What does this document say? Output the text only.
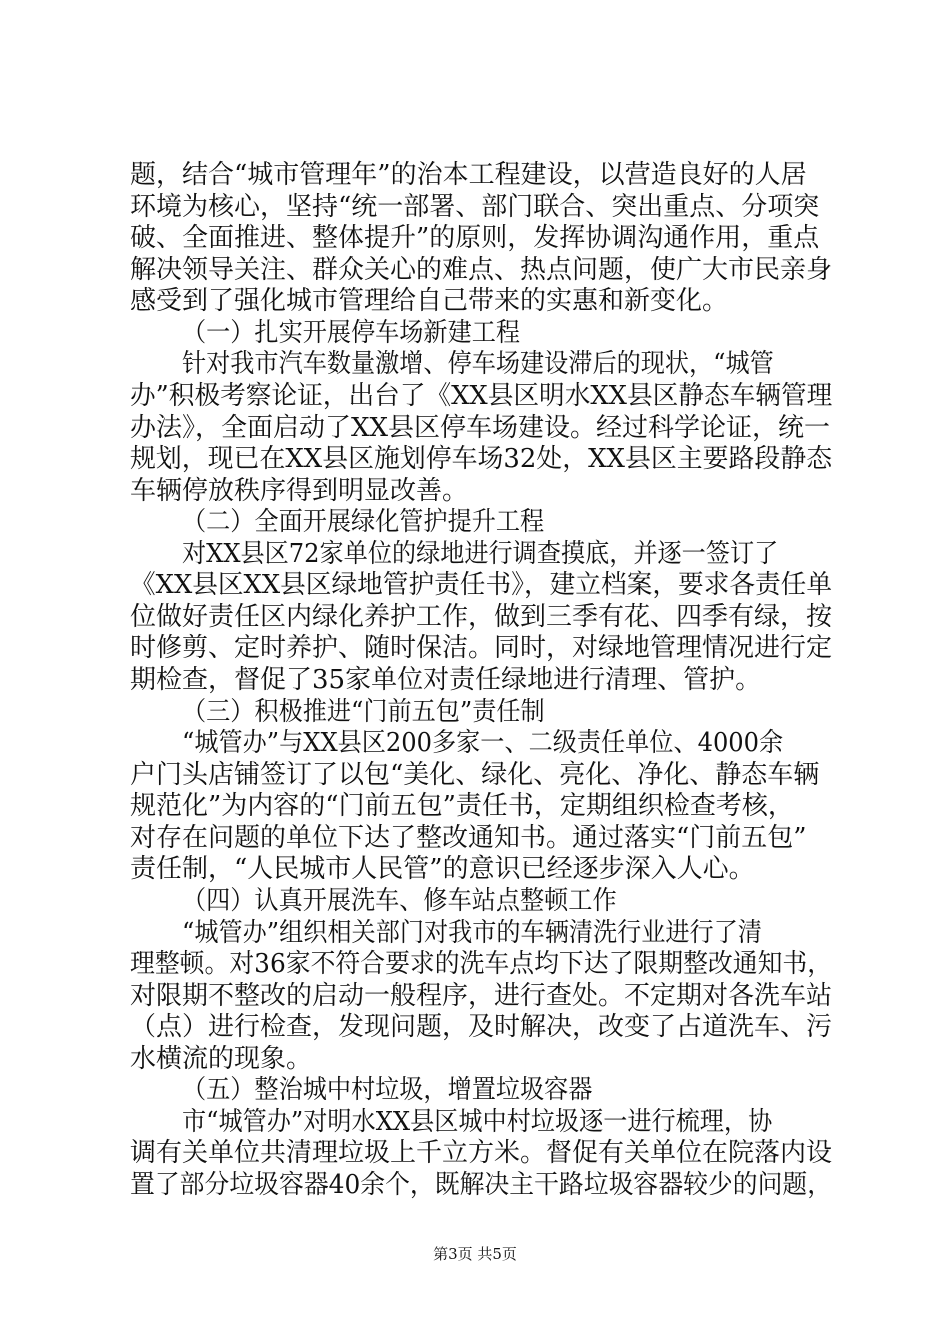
题，结合“城市管理年”的治本工程建设，以营造良好的人居
环境为核心，坚持“统一部署、部门联合、突出重点、分项突
破、全面推进、整体提升”的原则，发挥协调沟通作用，重点
解决领导关注、群众关心的难点、热点问题，使广大市民亲身
感受到了强化城市管理给自己带来的实惠和新变化。
（一）扎实开展停车场新建工程
针对我市汽车数量激增、停车场建设滞后的现状，“城管
办”积极考察论证，出台了《XX县区明水XX县区静态车辆管理
办法》，全面启动了XX县区停车场建设。经过科学论证，统一
规划，现已在XX县区施划停车场32处，XX县区主要路段静态
车辆停放秩序得到明显改善。
（二）全面开展绿化管护提升工程
对XX县区72家单位的绿地进行调查摸底，并逐一签订了
《XX县区XX县区绿地管护责任书》，建立档案，要求各责任单
位做好责任区内绿化养护工作，做到三季有花、四季有绿，按
时修剪、定时养护、随时保洁。同时，对绿地管理情况进行定
期检查，督促了35家单位对责任绿地进行清理、管护。
（三）积极推进“门前五包”责任制
“城管办”与XX县区200多家一、二级责任单位、4000余
户门头店铺签订了以包“美化、绿化、亮化、净化、静态车辆
规范化”为内容的“门前五包”责任书，定期组织检查考核，
对存在问题的单位下达了整改通知书。通过落实“门前五包”
责任制，“人民城市人民管”的意识已经逐步深入人心。
（四）认真开展洗车、修车站点整顿工作
“城管办”组织相关部门对我市的车辆清洗行业进行了清
理整顿。对36家不符合要求的洗车点均下达了限期整改通知书，
对限期不整改的启动一般程序，进行查处。不定期对各洗车站
（点）进行检查，发现问题，及时解决，改变了占道洗车、污
水横流的现象。
（五）整治城中村垃圾，增置垃圾容器
市“城管办”对明水XX县区城中村垃圾逐一进行梳理，协
调有关单位共清理垃圾上千立方米。督促有关单位在院落内设
置了部分垃圾容器40余个，既解决主干路垃圾容器较少的问题，
第3页 共5页
